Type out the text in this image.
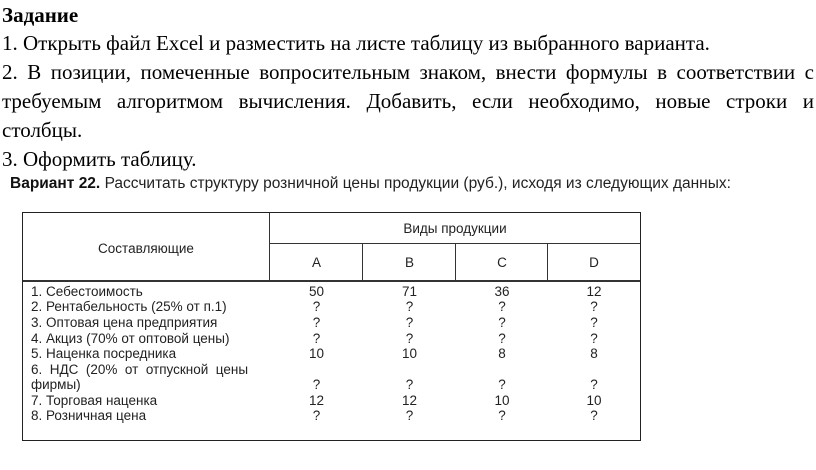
Задание

1. Открыть файл Excel и разместить на листе таблицу из выбранного варианта.

2. В позиции, помеченные вопросительным знаком, внести формулы в соответствии с требуемым алгоритмом вычисления. Добавить, если необходимо, новые строки и столбцы.

3. Оформить таблицу.

Вариант 22. Рассчитать структуру розничной цены продукции (руб.), исходя из следующих данных:
Составляющие
Виды продукции
A	B	C	D
1. Себестоимость	50	71	36	12
2. Рентабельность (25% от п.1)	?	?	?	?
3. Оптовая цена предприятия	?	?	?	?
4. Акциз (70% от оптовой цены)	?	?	?	?
5. Наценка посредника	10	10	8	8
6.  НДС  (20%  от  отпускной  цены
фирмы)	?	?	?	?
7. Торговая наценка	12	12	10	10
8. Розничная цена	?	?	?	?
